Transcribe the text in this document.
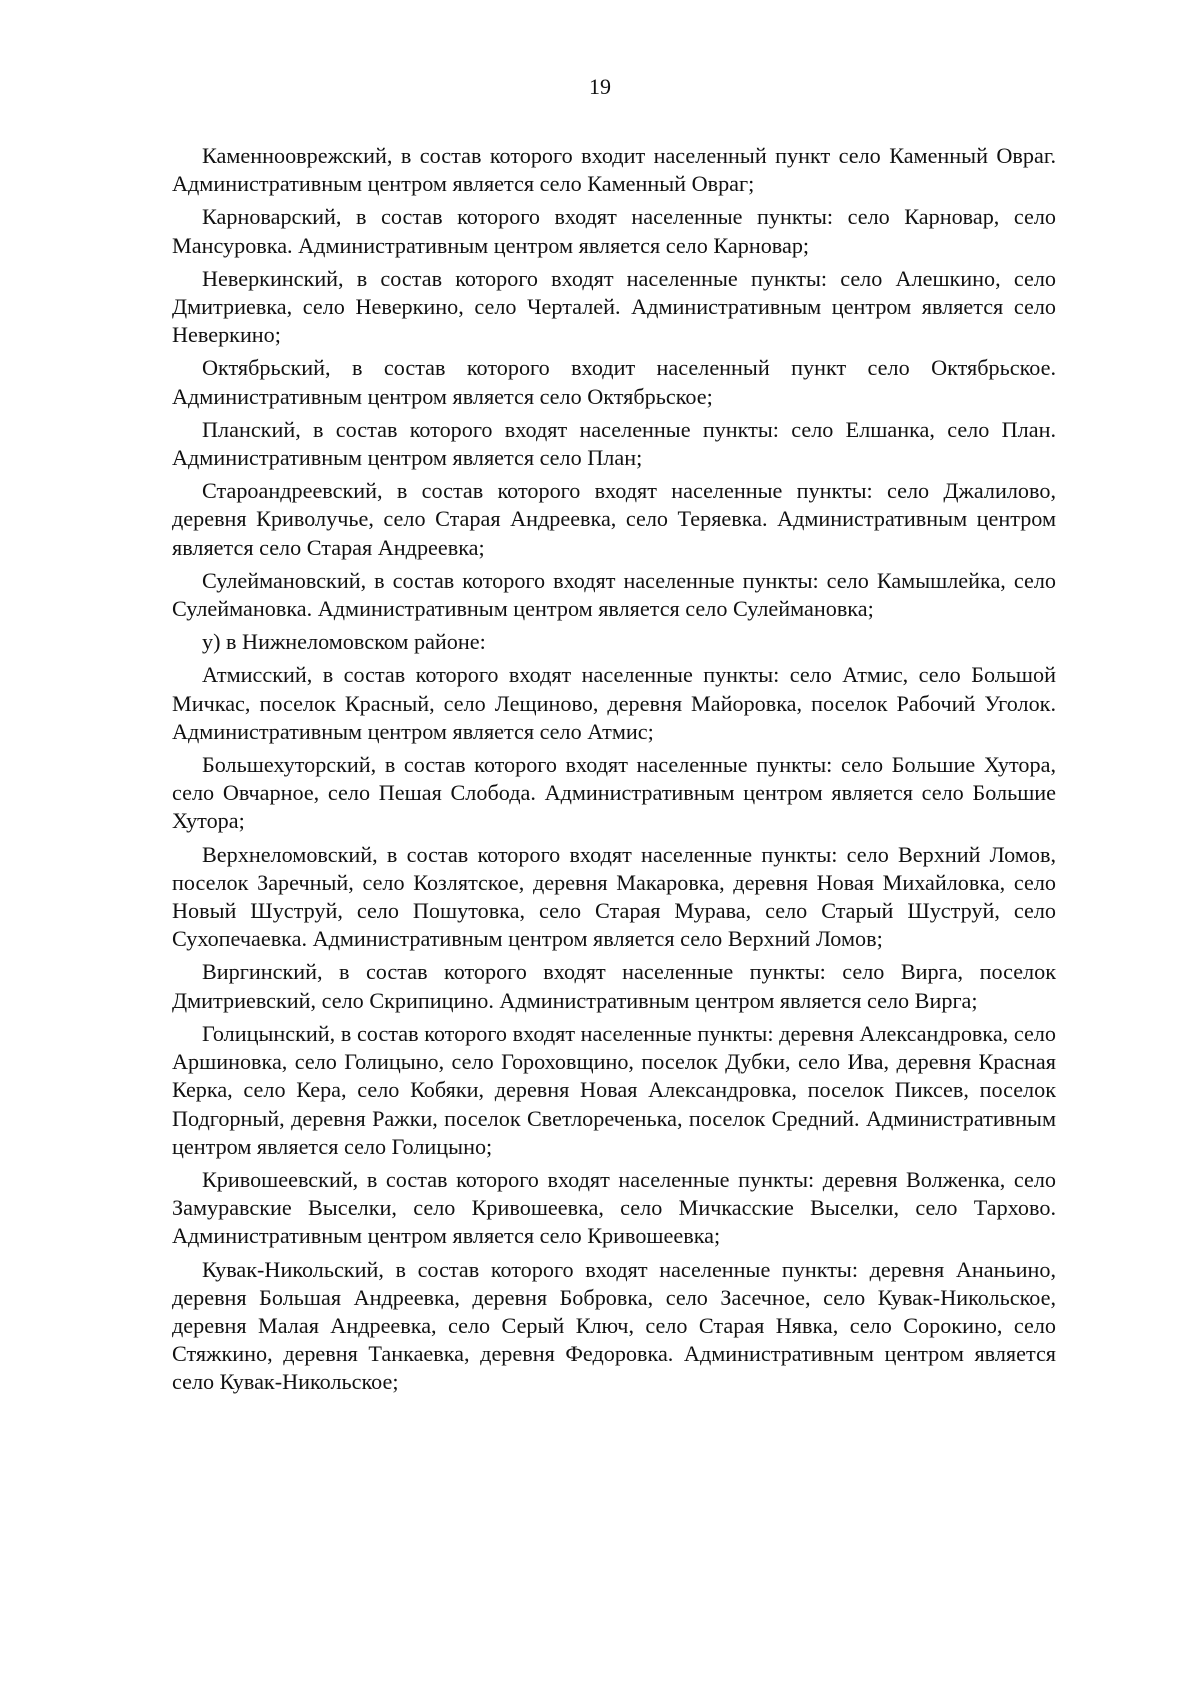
19

Каменнооврежский, в состав которого входит населенный пункт село Каменный Овраг. Административным центром является село Каменный Овраг;

Карноварский, в состав которого входят населенные пункты: село Карновар, село Мансуровка. Административным центром является село Карновар;

Неверкинский, в состав которого входят населенные пункты: село Алешкино, село Дмитриевка, село Неверкино, село Черталей. Административным центром является село Неверкино;

Октябрьский, в состав которого входит населенный пункт село Октябрьское. Административным центром является село Октябрьское;

Планский, в состав которого входят населенные пункты: село Елшанка, село План. Административным центром является село План;

Староандреевский, в состав которого входят населенные пункты: село Джалилово, деревня Криволучье, село Старая Андреевка, село Теряевка. Административным центром является село Старая Андреевка;

Сулеймановский, в состав которого входят населенные пункты: село Камышлейка, село Сулеймановка. Административным центром является село Сулеймановка;

у) в Нижнеломовском районе:

Атмисский, в состав которого входят населенные пункты: село Атмис, село Большой Мичкас, поселок Красный, село Лещиново, деревня Майоровка, поселок Рабочий Уголок. Административным центром является село Атмис;

Большехуторский, в состав которого входят населенные пункты: село Большие Хутора, село Овчарное, село Пешая Слобода. Административным центром является село Большие Хутора;

Верхнеломовский, в состав которого входят населенные пункты: село Верхний Ломов, поселок Заречный, село Козлятское, деревня Макаровка, деревня Новая Михайловка, село Новый Шуструй, село Пошутовка, село Старая Мурава, село Старый Шуструй, село Сухопечаевка. Административным центром является село Верхний Ломов;

Виргинский, в состав которого входят населенные пункты: село Вирга, поселок Дмитриевский, село Скрипицино. Административным центром является село Вирга;

Голицынский, в состав которого входят населенные пункты: деревня Александровка, село Аршиновка, село Голицыно, село Гороховщино, поселок Дубки, село Ива, деревня Красная Керка, село Кера, село Кобяки, деревня Новая Александровка, поселок Пиксев, поселок Подгорный, деревня Ражки, поселок Светлореченька, поселок Средний. Административным центром является село Голицыно;

Кривошеевский, в состав которого входят населенные пункты: деревня Волженка, село Замуравские Выселки, село Кривошеевка, село Мичкасские Выселки, село Тархово. Административным центром является село Кривошеевка;

Кувак-Никольский, в состав которого входят населенные пункты: деревня Ананьино, деревня Большая Андреевка, деревня Бобровка, село Засечное, село Кувак-Никольское, деревня Малая Андреевка, село Серый Ключ, село Старая Нявка, село Сорокино, село Стяжкино, деревня Танкаевка, деревня Федоровка. Административным центром является село Кувак-Никольское;
